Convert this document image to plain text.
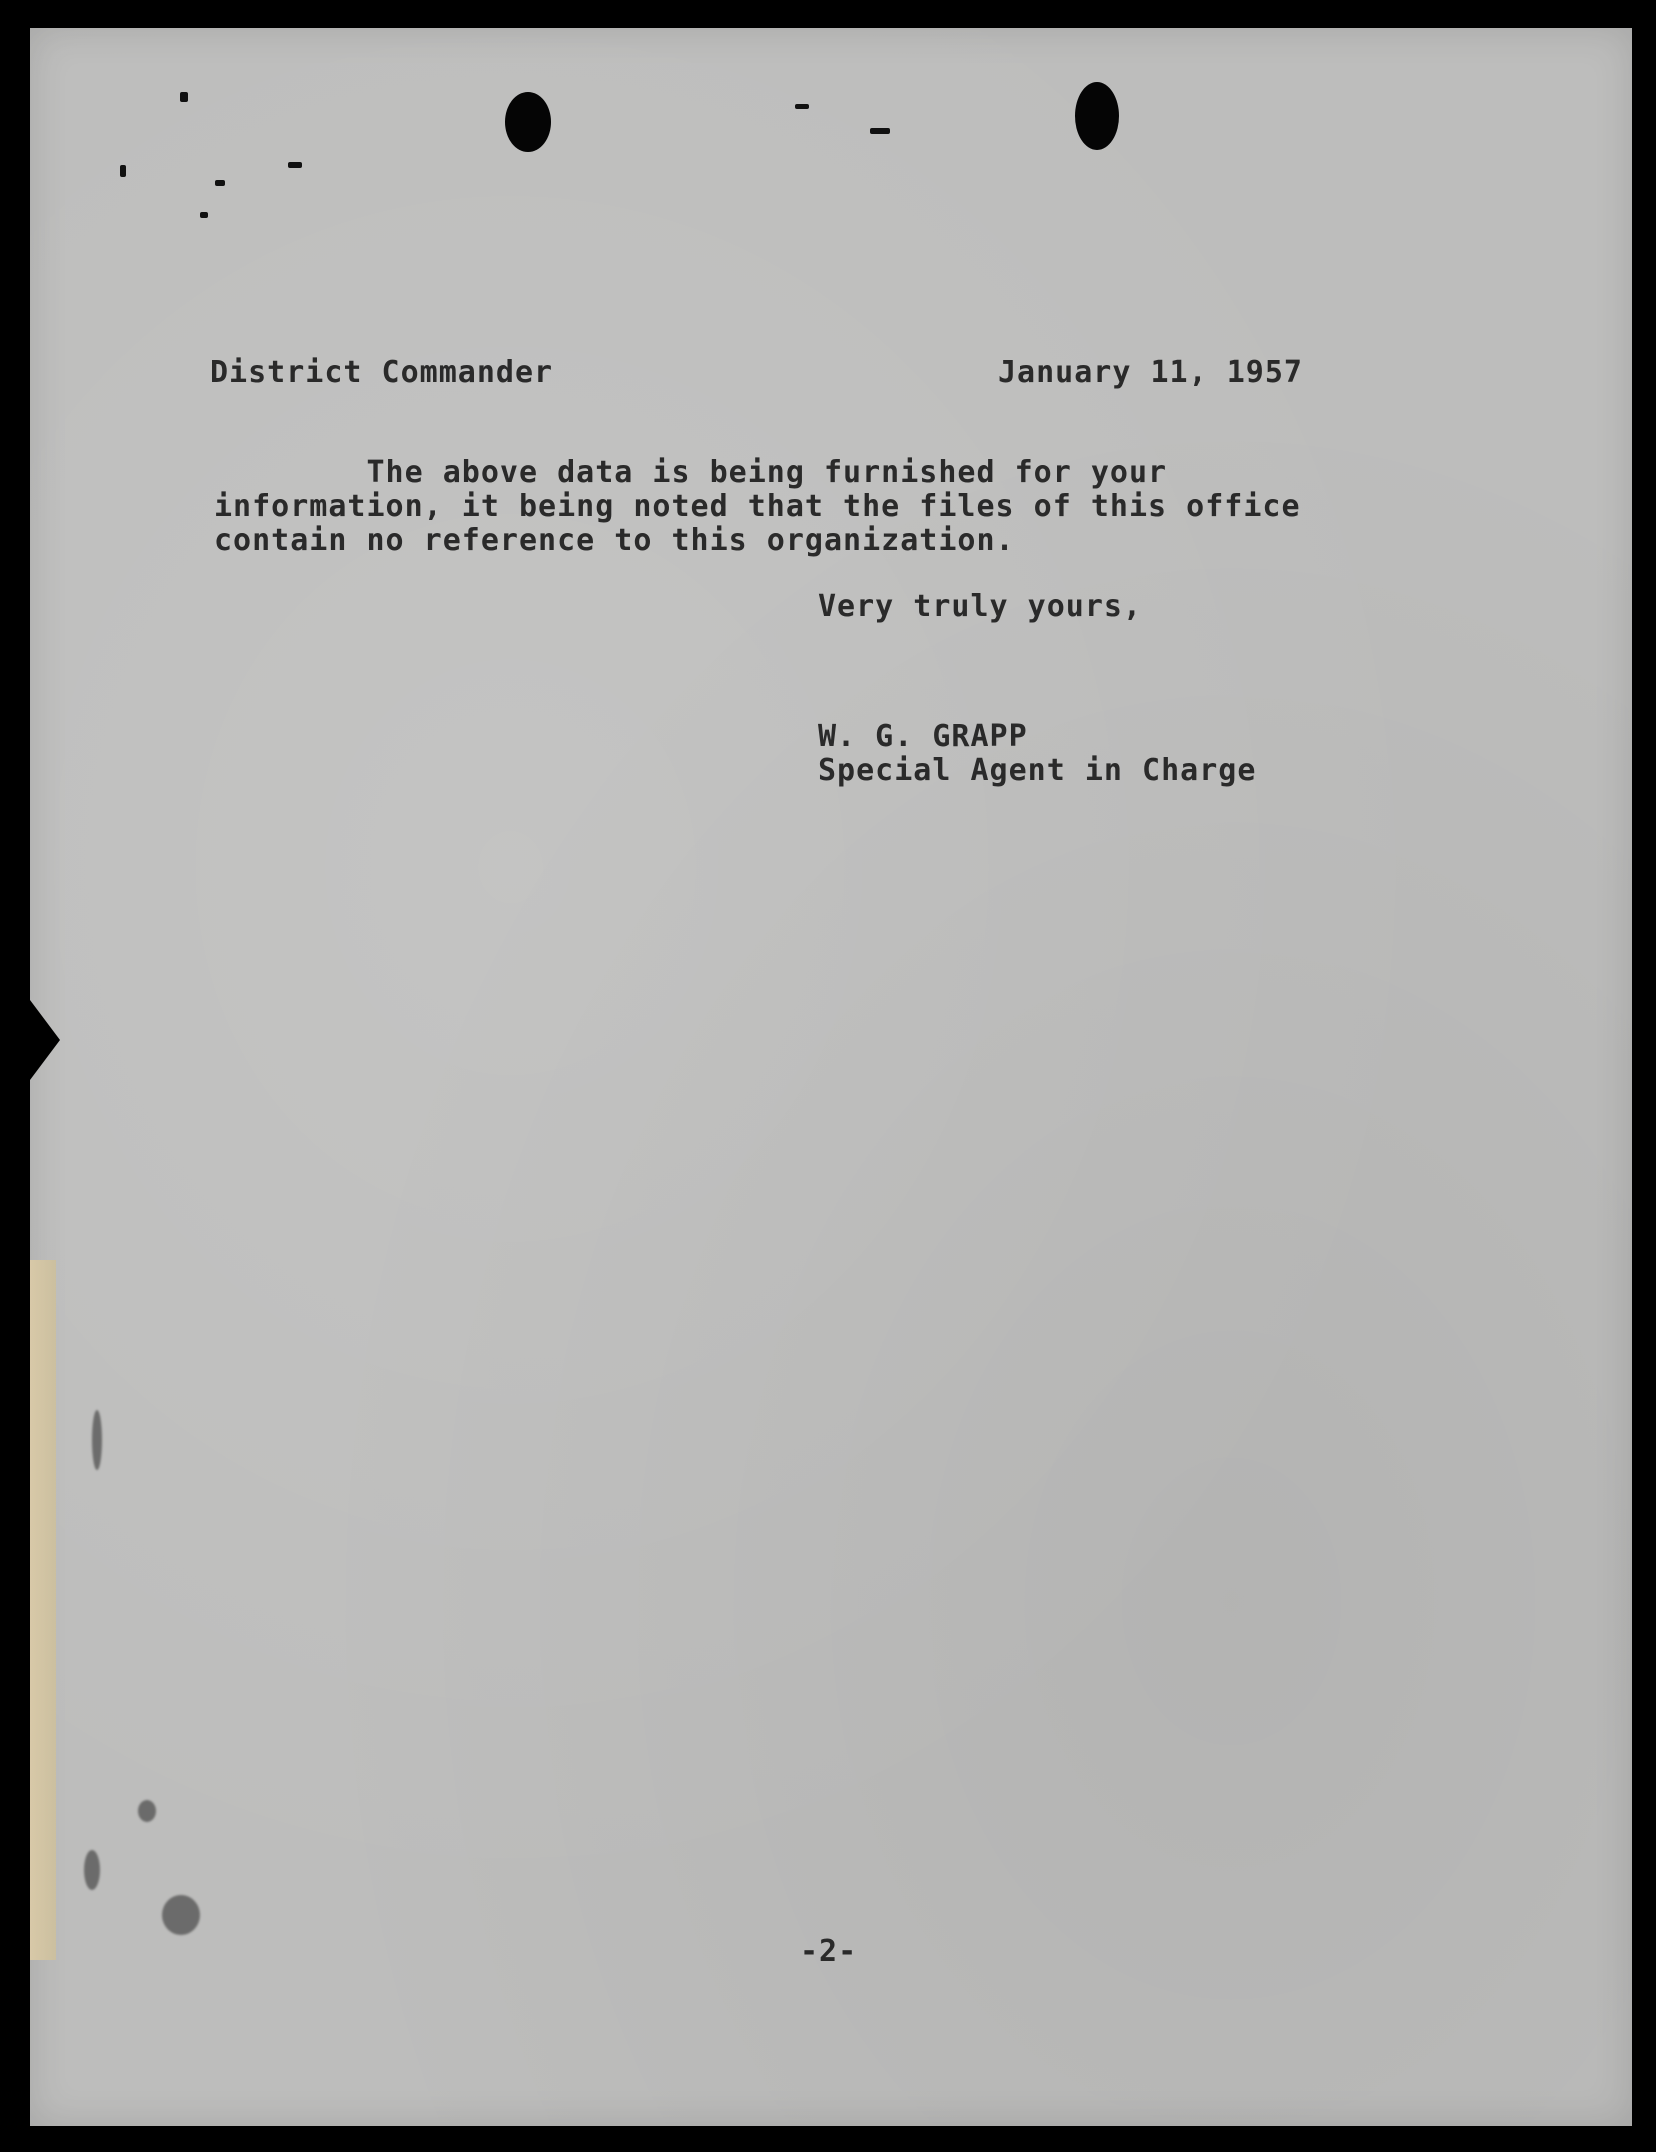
District Commander	January 11, 1957
The above data is being furnished for your
information, it being noted that the files of this office
contain no reference to this organization.
Very truly yours,
W. G. GRAPP
Special Agent in Charge
-2-
